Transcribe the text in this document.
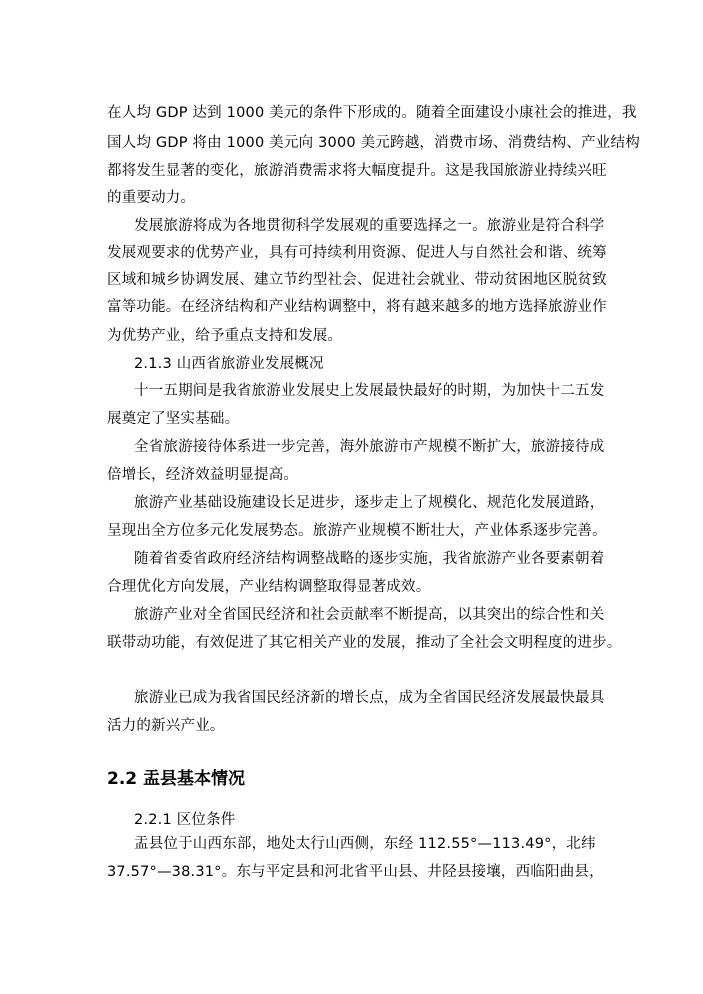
在人均 GDP 达到 1000 美元的条件下形成的。随着全面建设小康社会的推进，我
国人均 GDP 将由 1000 美元向 3000 美元跨越，消费市场、消费结构、产业结构
都将发生显著的变化，旅游消费需求将大幅度提升。这是我国旅游业持续兴旺
的重要动力。
发展旅游将成为各地贯彻科学发展观的重要选择之一。旅游业是符合科学
发展观要求的优势产业，具有可持续利用资源、促进人与自然社会和谐、统筹
区域和城乡协调发展、建立节约型社会、促进社会就业、带动贫困地区脱贫致
富等功能。在经济结构和产业结构调整中，将有越来越多的地方选择旅游业作
为优势产业，给予重点支持和发展。
2.1.3 山西省旅游业发展概况
十一五期间是我省旅游业发展史上发展最快最好的时期，为加快十二五发
展奠定了坚实基础。
全省旅游接待体系进一步完善，海外旅游市产规模不断扩大，旅游接待成
倍增长，经济效益明显提高。
旅游产业基础设施建设长足进步，逐步走上了规模化、规范化发展道路，
呈现出全方位多元化发展势态。旅游产业规模不断壮大，产业体系逐步完善。
随着省委省政府经济结构调整战略的逐步实施，我省旅游产业各要素朝着
合理优化方向发展，产业结构调整取得显著成效。
旅游产业对全省国民经济和社会贡献率不断提高，以其突出的综合性和关
联带动功能，有效促进了其它相关产业的发展，推动了全社会文明程度的进步。
旅游业已成为我省国民经济新的增长点，成为全省国民经济发展最快最具
活力的新兴产业。
2.2 盂县基本情况
2.2.1 区位条件
盂县位于山西东部，地处太行山西侧，东经 112.55°—113.49°，北纬
37.57°—38.31°。东与平定县和河北省平山县、井陉县接壤，西临阳曲县，
